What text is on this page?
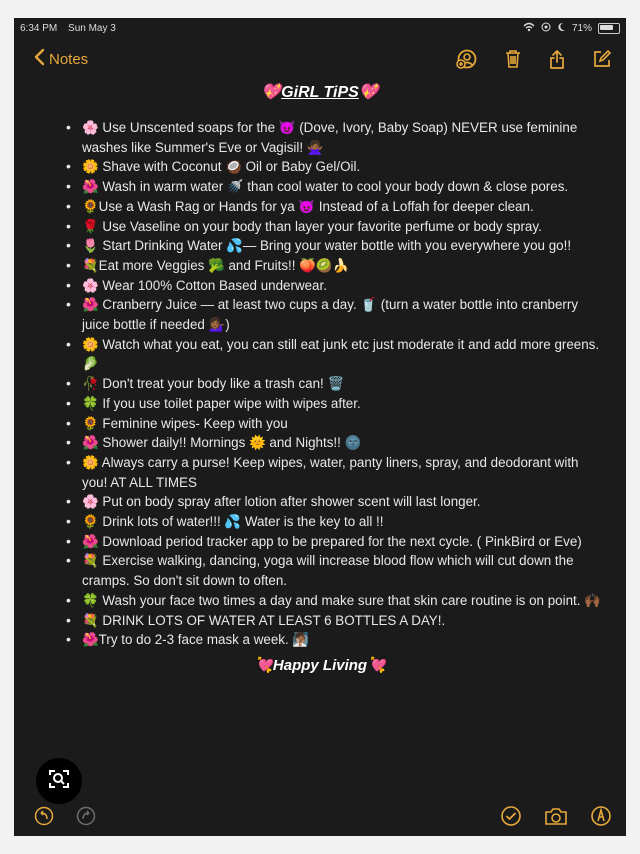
6:34 PM Sun May 3	71%
Notes
💖GiRL TiPS💖
• 🌸 Use Unscented soaps for the 😈 (Dove, Ivory, Baby Soap) NEVER use feminine washes like Summer's Eve or Vagisil! 🙅🏾‍♀️
• 🌼 Shave with Coconut 🥥 Oil or Baby Gel/Oil.
• 🌺 Wash in warm water 🚿 than cool water to cool your body down & close pores.
• 🌻Use a Wash Rag or Hands for ya 😈 Instead of a Loffah for deeper clean.
• 🌹 Use Vaseline on your body than layer your favorite perfume or body spray.
• 🌷 Start Drinking Water 💦— Bring your water bottle with you everywhere you go!!
• 💐Eat more Veggies 🥦 and Fruits!! 🍑🥝🍌
• 🌸 Wear 100% Cotton Based underwear.
• 🌺 Cranberry Juice — at least two cups a day. 🥤 (turn a water bottle into cranberry juice bottle if needed 💁🏾‍♀️)
• 🌼 Watch what you eat, you can still eat junk etc just moderate it and add more greens. 🥬
• 🥀 Don't treat your body like a trash can! 🗑️
• 🍀 If you use toilet paper wipe with wipes after.
• 🌻 Feminine wipes- Keep with you
• 🌺 Shower daily!! Mornings 🌞 and Nights!! 🌚
• 🌼 Always carry a purse! Keep wipes, water, panty liners, spray, and deodorant with you! AT ALL TIMES
• 🌸 Put on body spray after lotion after shower scent will last longer.
• 🌻 Drink lots of water!!! 💦 Water is the key to all !!
• 🌺 Download period tracker app to be prepared for the next cycle. ( PinkBird or Eve)
• 💐 Exercise walking, dancing, yoga will increase blood flow which will cut down the cramps. So don't sit down to often.
• 🍀 Wash your face two times a day and make sure that skin care routine is on point. 🙌🏾
• 💐 DRINK LOTS OF WATER AT LEAST 6 BOTTLES A DAY!.
• 🌺Try to do 2-3 face mask a week. 🧖🏾‍♀️
💘Happy Living💘
